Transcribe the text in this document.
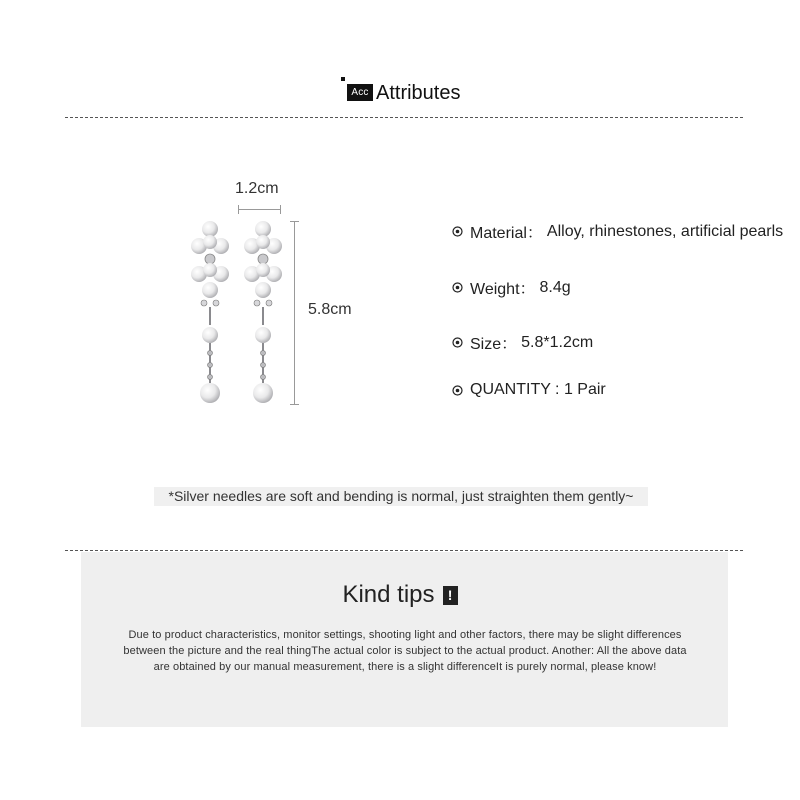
Acc Attributes
1.2cm
5.8cm
Material： Alloy, rhinestones, artificial pearls
Weight： 8.4g
Size： 5.8*1.2cm
QUANTITY : 1 Pair
*Silver needles are soft and bending is normal, just straighten them gently~
Kind tips !
Due to product characteristics, monitor settings, shooting light and other factors, there may be slight differences between the picture and the real thingThe actual color is subject to the actual product. Another: All the above data are obtained by our manual measurement, there is a slight differenceIt is purely normal, please know!
